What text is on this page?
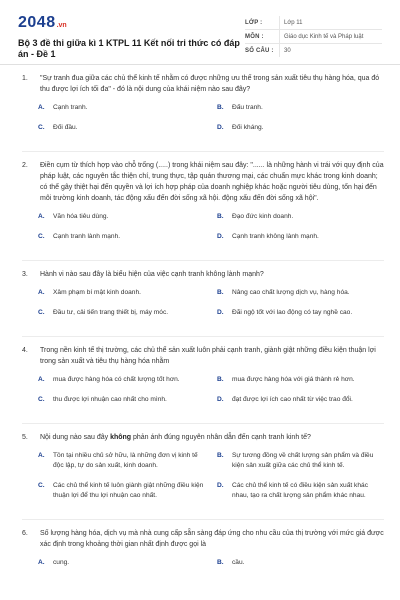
2048 .vn
Bộ 3 đề thi giữa kì 1 KTPL 11 Kết nối tri thức có đáp án - Đề 1
LỚP :	Lớp 11
MÔN :	Giáo dục Kinh tế và Pháp luật
SỐ CÂU :	30
1.	"Sự tranh đua giữa các chủ thể kinh tế nhằm có được những ưu thế trong sản xuất tiêu thụ hàng hóa, qua đó thu được lợi ích tối đa" - đó là nội dung của khái niệm nào sau đây?
A.	Cạnh tranh.	B.	Đấu tranh.
C.	Đối đầu.	D.	Đối kháng.
2.	Điền cụm từ thích hợp vào chỗ trống (.....) trong khái niệm sau đây: "...... là những hành vi trái với quy định của pháp luật, các nguyên tắc thiện chí, trung thực, tập quán thương mại, các chuẩn mực khác trong kinh doanh; có thể gây thiệt hại đến quyền và lợi ích hợp pháp của doanh nghiệp khác hoặc người tiêu dùng, tổn hại đến môi trường kinh doanh, tác động xấu đến đời sống xã hội. động xấu đến đời sống xã hội".
A.	Văn hóa tiêu dùng.	B.	Đạo đức kinh doanh.
C.	Cạnh tranh lành mạnh.	D.	Cạnh tranh không lành mạnh.
3.	Hành vi nào sau đây là biểu hiện của việc cạnh tranh không lành mạnh?
A.	Xâm phạm bí mật kinh doanh.	B.	Nâng cao chất lượng dịch vụ, hàng hóa.
C.	Đầu tư, cải tiến trang thiết bị, máy móc.	D.	Đãi ngộ tốt với lao động có tay nghề cao.
4.	Trong nền kinh tế thị trường, các chủ thể sản xuất luôn phải cạnh tranh, giành giật những điều kiện thuận lợi trong sản xuất và tiêu thụ hàng hóa nhằm
A.	mua được hàng hóa có chất lượng tốt hơn.	B.	mua được hàng hóa với giá thành rẻ hơn.
C.	thu được lợi nhuận cao nhất cho mình.	D.	đạt được lợi ích cao nhất từ việc trao đổi.
5.	Nội dung nào sau đây không phản ánh đúng nguyên nhân dẫn đến cạnh tranh kinh tế?
A.	Tồn tại nhiều chủ sở hữu, là những đơn vị kinh tế độc lập, tự do sản xuất, kinh doanh.
B.	Sự tương đồng về chất lượng sản phẩm và điều kiện sản xuất giữa các chủ thể kinh tế.
C.	Các chủ thể kinh tế luôn giành giật những điều kiện thuận lợi để thu lợi nhuận cao nhất.
D.	Các chủ thể kinh tế có điều kiện sản xuất khác nhau, tạo ra chất lượng sản phẩm khác nhau.
6.	Số lượng hàng hóa, dịch vụ mà nhà cung cấp sẵn sàng đáp ứng cho nhu cầu của thị trường với mức giá được xác định trong khoảng thời gian nhất định được gọi là
A.	cung.	B.	cầu.
